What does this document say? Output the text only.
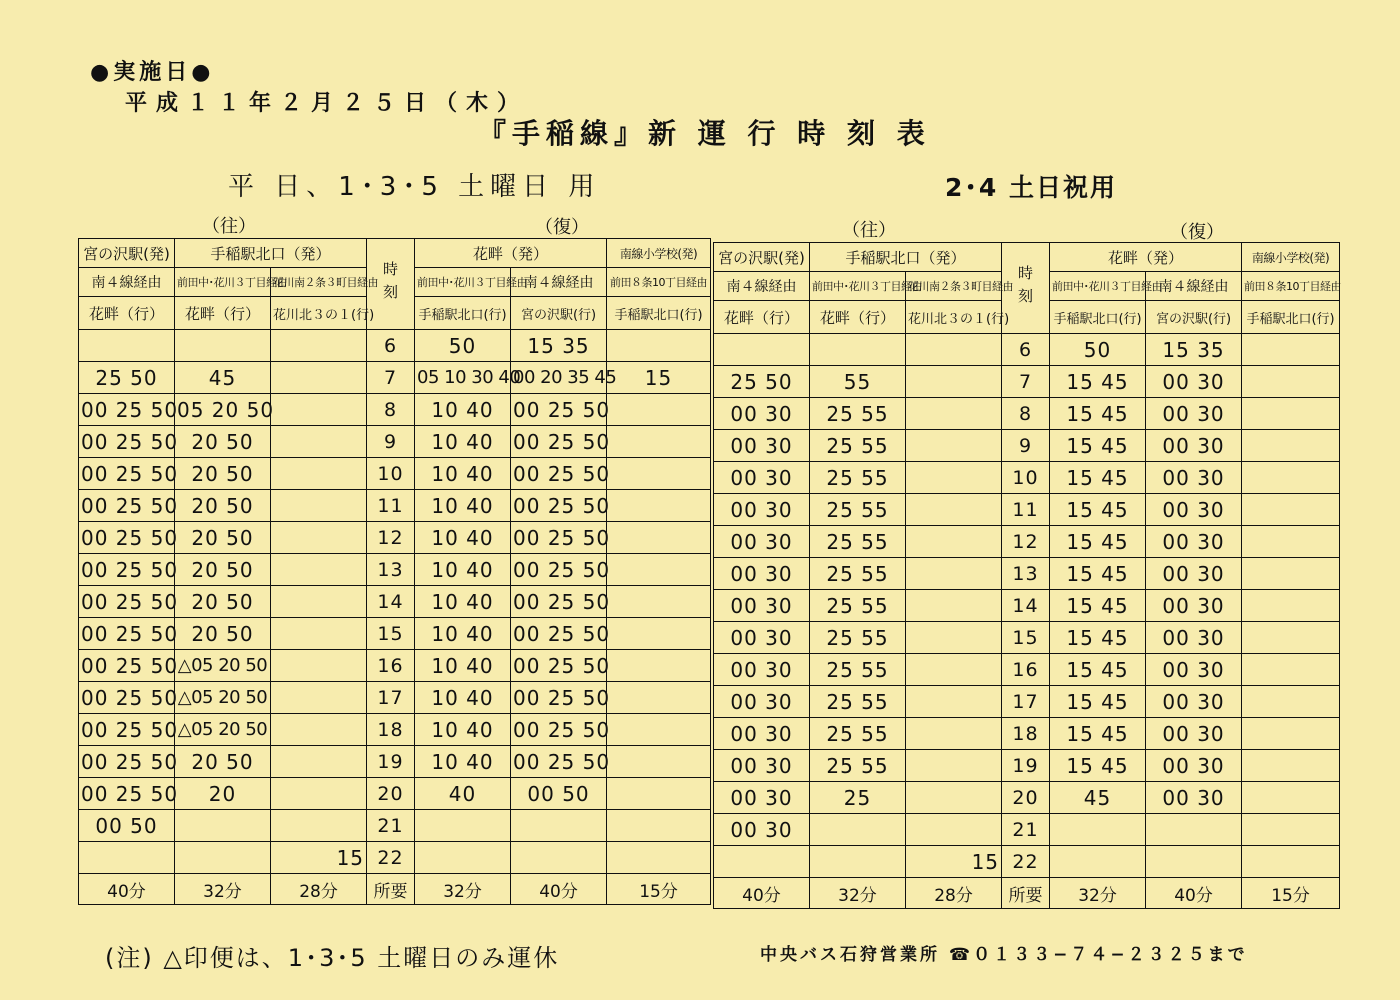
●実施日●
平成１１年２月２５日（木）
『手稲線』新 運 行 時 刻 表
平 日、1･3･5 土曜日 用	2･4 土日祝用
（往）	（復）	（往）	（復）
宮の沢駅(発)	手稲駅北口（発）		時刻	花畔（発）		南線小学校(発)
南４線経由	前田中･花川３丁目経由	花川南２条３町目経由		前田中･花川３丁目経由	南４線経由	前田８条10丁目経由
花畔（行）	花畔（行）	花川北３の１(行)		手稲駅北口(行)	宮の沢駅(行)	手稲駅北口(行)
			6	50	15 35	
25 50	45		7	05 10 30 40	00 20 35 45	15
00 25 50	05 20 50		8	10 40	00 25 50	
00 25 50	20 50		9	10 40	00 25 50	
00 25 50	20 50		10	10 40	00 25 50	
00 25 50	20 50		11	10 40	00 25 50	
00 25 50	20 50		12	10 40	00 25 50	
00 25 50	20 50		13	10 40	00 25 50	
00 25 50	20 50		14	10 40	00 25 50	
00 25 50	20 50		15	10 40	00 25 50	
00 25 50	△05 20 50		16	10 40	00 25 50	
00 25 50	△05 20 50		17	10 40	00 25 50	
00 25 50	△05 20 50		18	10 40	00 25 50	
00 25 50	20 50		19	10 40	00 25 50	
00 25 50	20		20	40	00 50	
00 50			21			
		15	22			
40分	32分	28分	所要	32分	40分	15分
宮の沢駅(発)	手稲駅北口（発）		時刻	花畔（発）		南線小学校(発)
南４線経由	前田中･花川３丁目経由	花川南２条３町目経由		前田中･花川３丁目経由	南４線経由	前田８条10丁目経由
花畔（行）	花畔（行）	花川北３の１(行)		手稲駅北口(行)	宮の沢駅(行)	手稲駅北口(行)
			6	50	15 35	
25 50	55		7	15 45	00 30	
00 30	25 55		8	15 45	00 30	
00 30	25 55		9	15 45	00 30	
00 30	25 55		10	15 45	00 30	
00 30	25 55		11	15 45	00 30	
00 30	25 55		12	15 45	00 30	
00 30	25 55		13	15 45	00 30	
00 30	25 55		14	15 45	00 30	
00 30	25 55		15	15 45	00 30	
00 30	25 55		16	15 45	00 30	
00 30	25 55		17	15 45	00 30	
00 30	25 55		18	15 45	00 30	
00 30	25 55		19	15 45	00 30	
00 30	25		20	45	00 30	
00 30			21			
		15	22			
40分	32分	28分	所要	32分	40分	15分
(注) △印便は、1･3･5 土曜日のみ運休	中央バス石狩営業所 ☎０１３３−７４−２３２５まで
